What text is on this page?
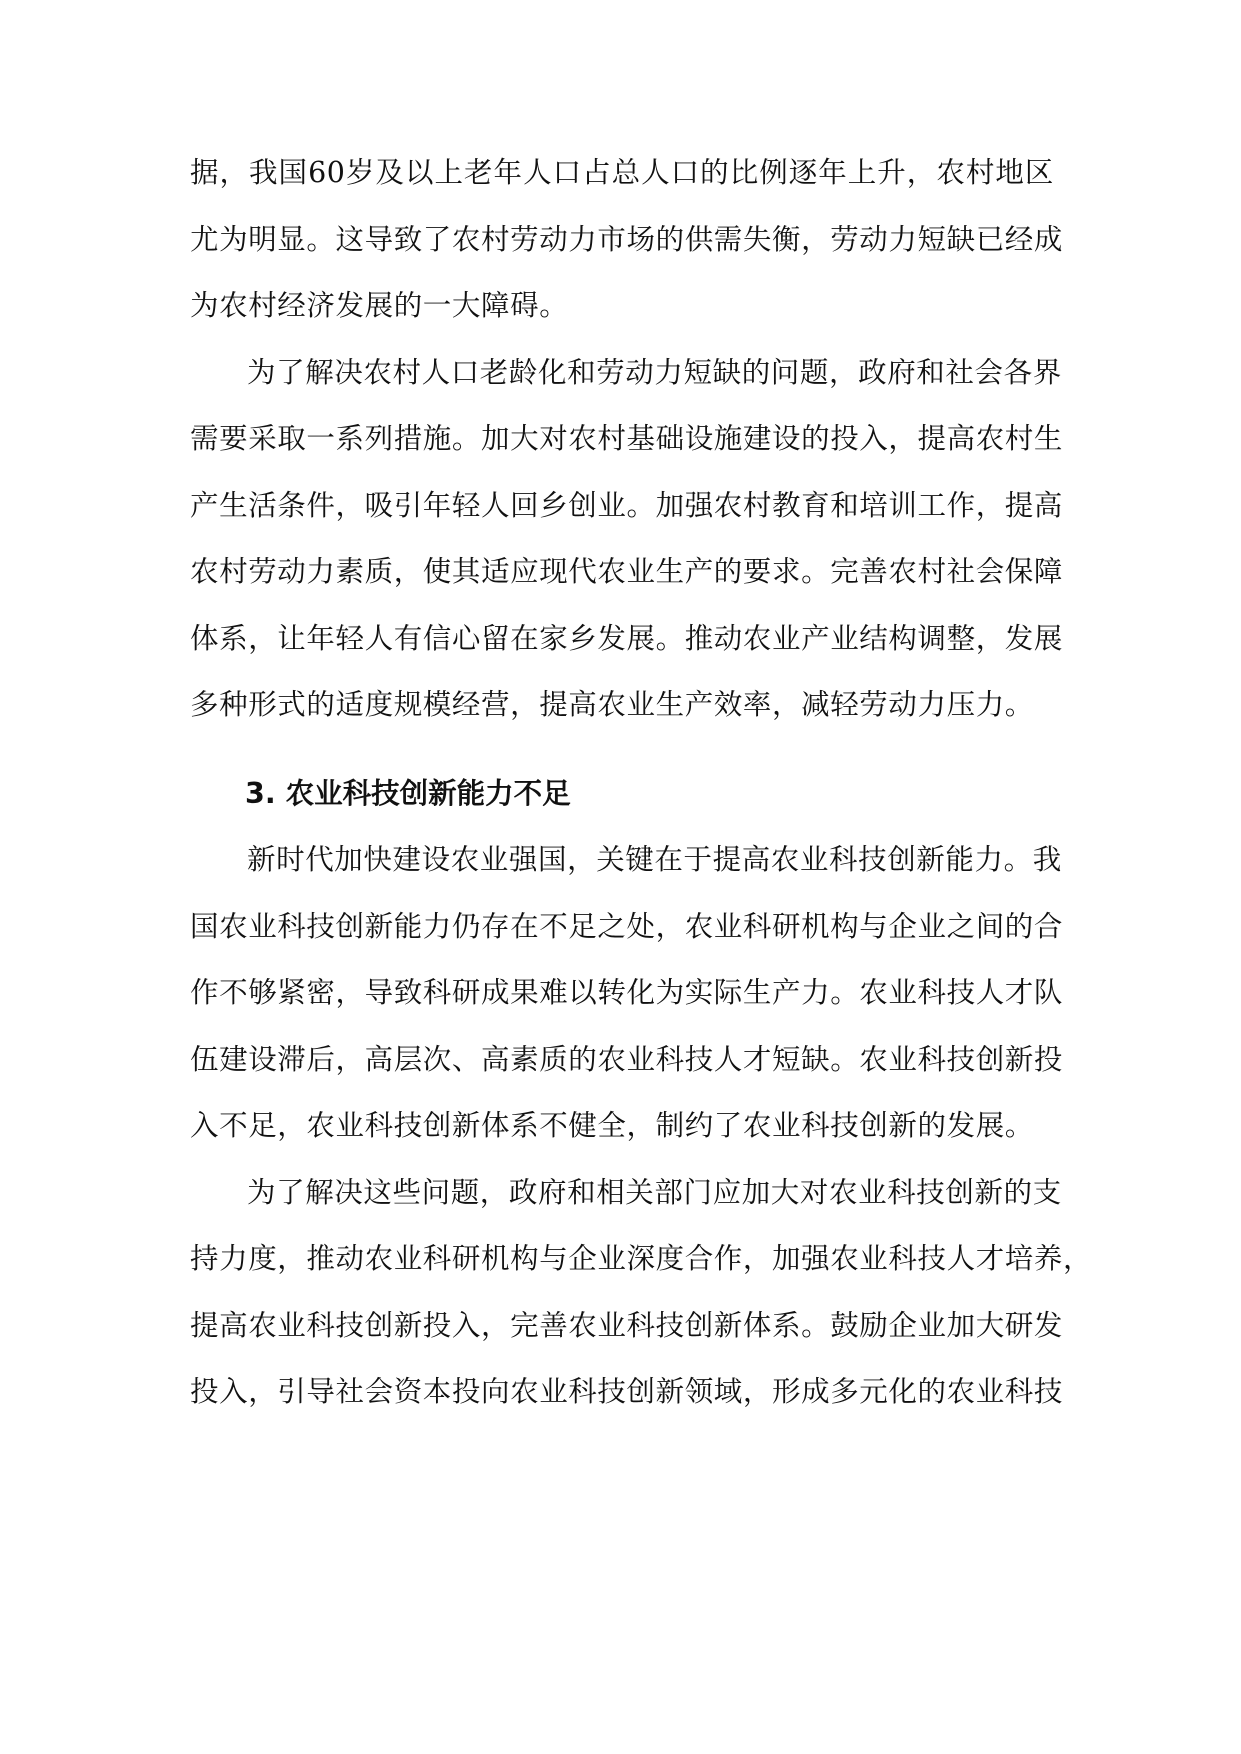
据，我国60岁及以上老年人口占总人口的比例逐年上升，农村地区
尤为明显。这导致了农村劳动力市场的供需失衡，劳动力短缺已经成
为农村经济发展的一大障碍。
为了解决农村人口老龄化和劳动力短缺的问题，政府和社会各界
需要采取一系列措施。加大对农村基础设施建设的投入，提高农村生
产生活条件，吸引年轻人回乡创业。加强农村教育和培训工作，提高
农村劳动力素质，使其适应现代农业生产的要求。完善农村社会保障
体系，让年轻人有信心留在家乡发展。推动农业产业结构调整，发展
多种形式的适度规模经营，提高农业生产效率，减轻劳动力压力。
3. 农业科技创新能力不足
新时代加快建设农业强国，关键在于提高农业科技创新能力。我
国农业科技创新能力仍存在不足之处，农业科研机构与企业之间的合
作不够紧密，导致科研成果难以转化为实际生产力。农业科技人才队
伍建设滞后，高层次、高素质的农业科技人才短缺。农业科技创新投
入不足，农业科技创新体系不健全，制约了农业科技创新的发展。
为了解决这些问题，政府和相关部门应加大对农业科技创新的支
持力度，推动农业科研机构与企业深度合作，加强农业科技人才培养，
提高农业科技创新投入，完善农业科技创新体系。鼓励企业加大研发
投入，引导社会资本投向农业科技创新领域，形成多元化的农业科技
